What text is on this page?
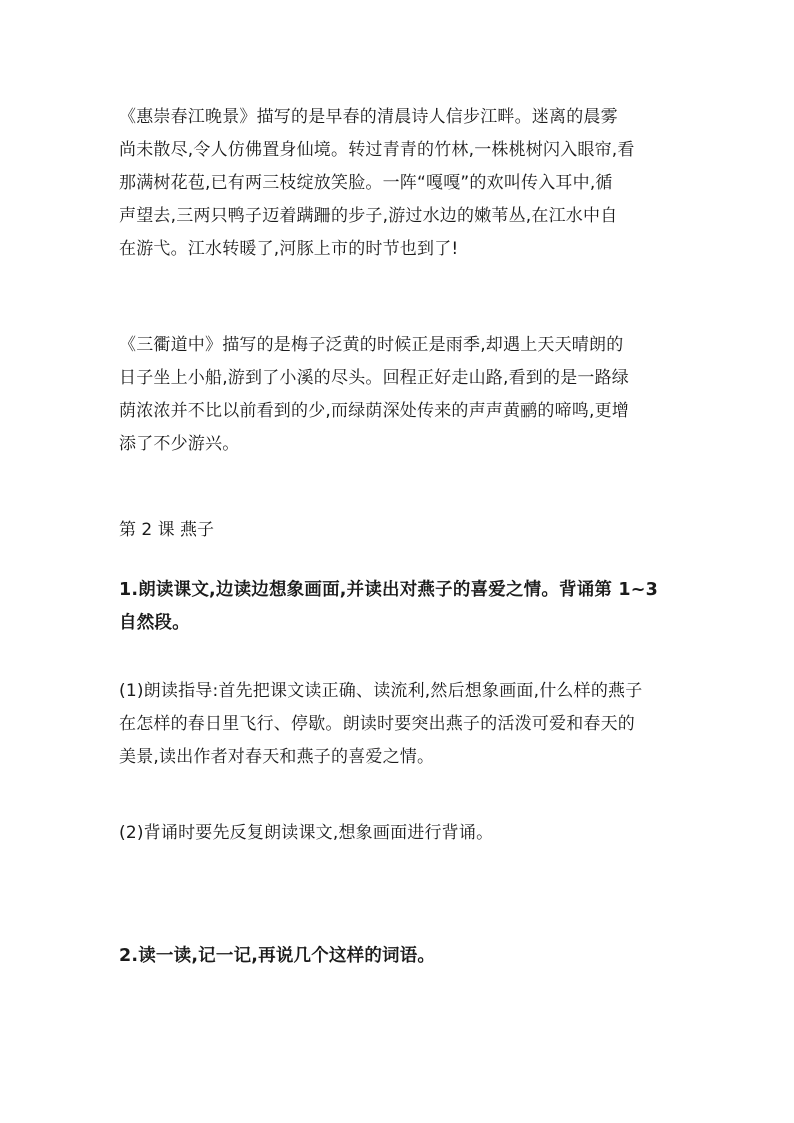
《惠崇春江晚景》描写的是早春的清晨诗人信步江畔。迷离的晨雾
尚未散尽,令人仿佛置身仙境。转过青青的竹林,一株桃树闪入眼帘,看
那满树花苞,已有两三枝绽放笑脸。一阵“嘎嘎”的欢叫传入耳中,循
声望去,三两只鸭子迈着蹒跚的步子,游过水边的嫩苇丛,在江水中自
在游弋。江水转暖了,河豚上市的时节也到了!

《三衢道中》描写的是梅子泛黄的时候正是雨季,却遇上天天晴朗的
日子坐上小船,游到了小溪的尽头。回程正好走山路,看到的是一路绿
荫浓浓并不比以前看到的少,而绿荫深处传来的声声黄鹂的啼鸣,更增
添了不少游兴。

第 2 课 燕子

1.朗读课文,边读边想象画面,并读出对燕子的喜爱之情。背诵第 1~3
自然段。

(1)朗读指导:首先把课文读正确、读流利,然后想象画面,什么样的燕子
在怎样的春日里飞行、停歇。朗读时要突出燕子的活泼可爱和春天的
美景,读出作者对春天和燕子的喜爱之情。

(2)背诵时要先反复朗读课文,想象画面进行背诵。

2.读一读,记一记,再说几个这样的词语。
